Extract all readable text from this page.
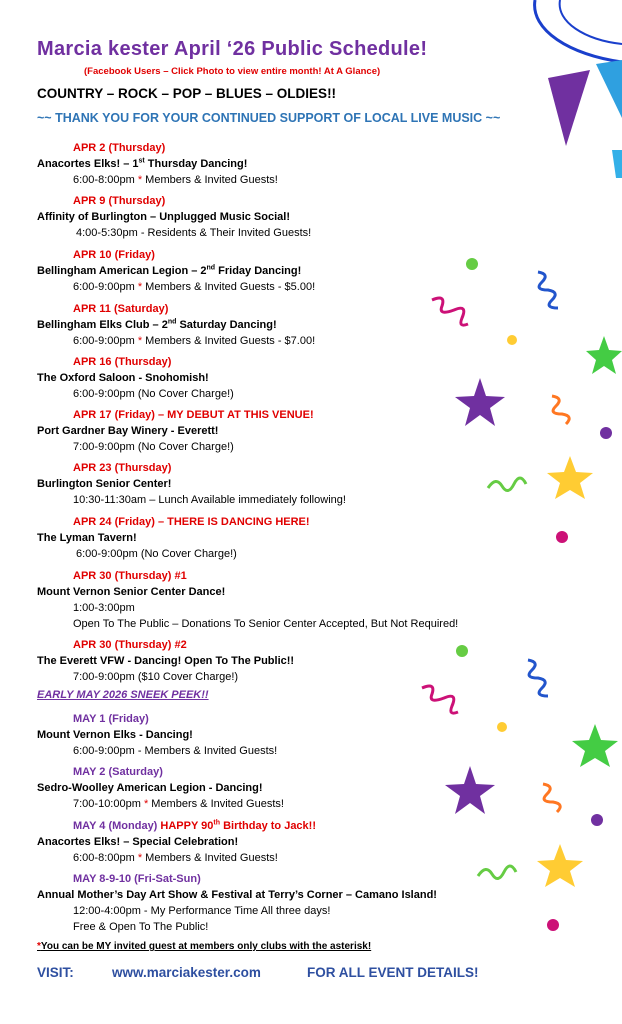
Marcia kester April ‘26 Public Schedule!
(Facebook Users – Click Photo to view entire month! At A Glance)
COUNTRY – ROCK – POP – BLUES – OLDIES!!
~~ THANK YOU FOR YOUR CONTINUED SUPPORT OF LOCAL LIVE MUSIC ~~
APR 2 (Thursday)
Anacortes Elks! – 1st Thursday Dancing!
6:00-8:00pm * Members & Invited Guests!
APR 9 (Thursday)
Affinity of Burlington – Unplugged Music Social!
4:00-5:30pm - Residents & Their Invited Guests!
APR 10 (Friday)
Bellingham American Legion – 2nd Friday Dancing!
6:00-9:00pm * Members & Invited Guests - $5.00!
APR 11 (Saturday)
Bellingham Elks Club – 2nd Saturday Dancing!
6:00-9:00pm * Members & Invited Guests - $7.00!
APR 16 (Thursday)
The Oxford Saloon - Snohomish!
6:00-9:00pm (No Cover Charge!)
APR 17 (Friday) – MY DEBUT AT THIS VENUE!
Port Gardner Bay Winery - Everett!
7:00-9:00pm (No Cover Charge!)
APR 23 (Thursday)
Burlington Senior Center!
10:30-11:30am – Lunch Available immediately following!
APR 24 (Friday) – THERE IS DANCING HERE!
The Lyman Tavern!
6:00-9:00pm (No Cover Charge!)
APR 30 (Thursday) #1
Mount Vernon Senior Center Dance!
1:00-3:00pm
Open To The Public – Donations To Senior Center Accepted, But Not Required!
APR 30 (Thursday) #2
The Everett VFW - Dancing! Open To The Public!!
7:00-9:00pm ($10 Cover Charge!)
EARLY MAY 2026 SNEEK PEEK!!
MAY 1 (Friday)
Mount Vernon Elks - Dancing!
6:00-9:00pm - Members & Invited Guests!
MAY 2 (Saturday)
Sedro-Woolley American Legion - Dancing!
7:00-10:00pm * Members & Invited Guests!
MAY 4 (Monday) HAPPY 90th Birthday to Jack!!
Anacortes Elks! – Special Celebration!
6:00-8:00pm * Members & Invited Guests!
MAY 8-9-10 (Fri-Sat-Sun)
Annual Mother’s Day Art Show & Festival at Terry’s Corner – Camano Island!
12:00-4:00pm - My Performance Time All three days!
Free & Open To The Public!
*You can be MY invited guest at members only clubs with the asterisk!
VISIT:	www.marciakester.com	FOR ALL EVENT DETAILS!
